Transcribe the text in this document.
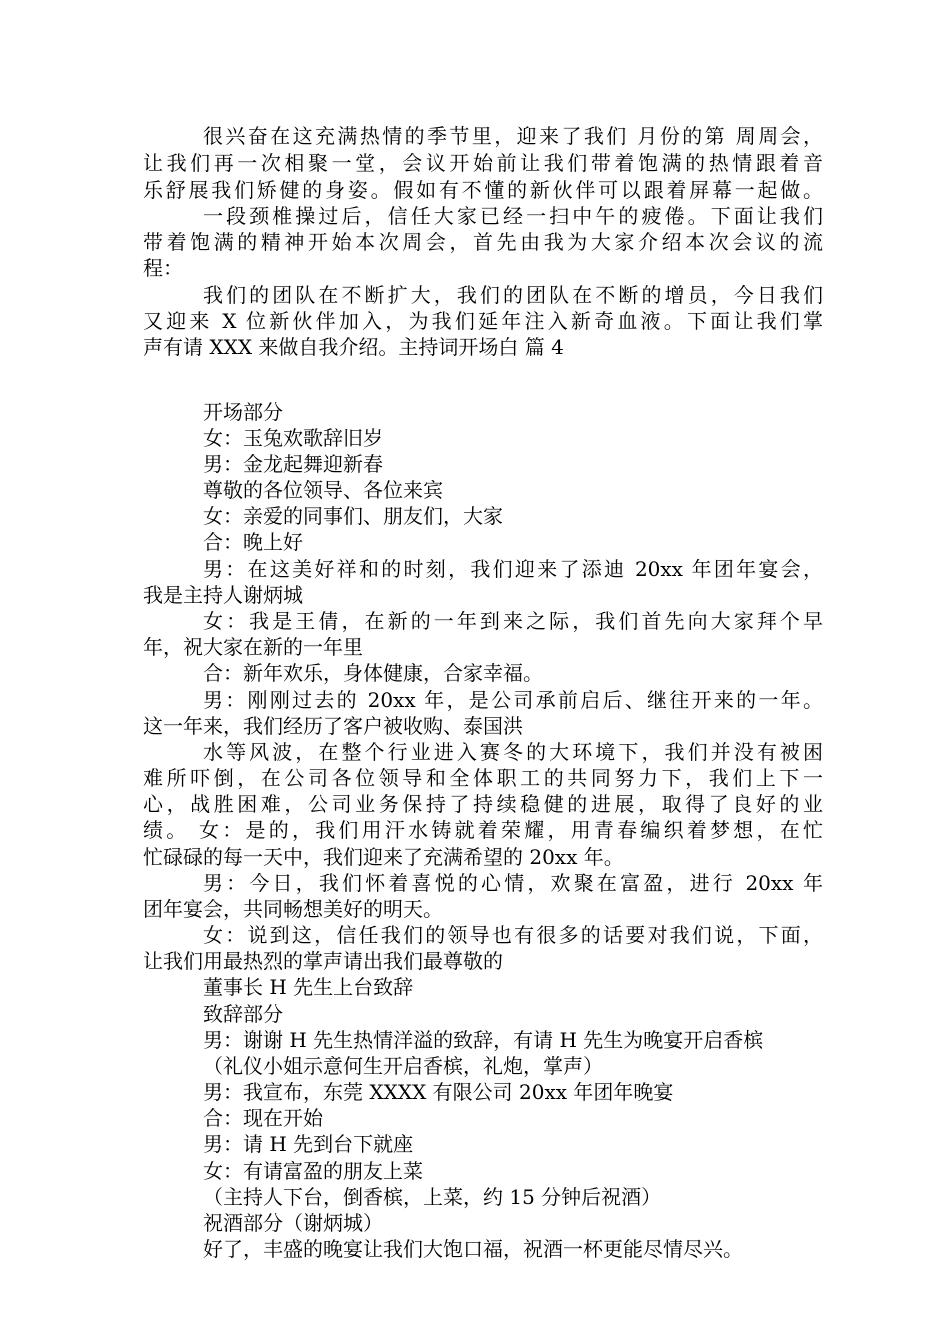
很兴奋在这充满热情的季节里，迎来了我们 月份的第 周周会，
让我们再一次相聚一堂，会议开始前让我们带着饱满的热情跟着音
乐舒展我们矫健的身姿。假如有不懂的新伙伴可以跟着屏幕一起做。
一段颈椎操过后，信任大家已经一扫中午的疲倦。下面让我们
带着饱满的精神开始本次周会，首先由我为大家介绍本次会议的流
程：
我们的团队在不断扩大，我们的团队在不断的增员，今日我们
又迎来 X 位新伙伴加入，为我们延年注入新奇血液。下面让我们掌
声有请 XXX 来做自我介绍。主持词开场白 篇 4
开场部分
女：玉兔欢歌辞旧岁
男：金龙起舞迎新春
尊敬的各位领导、各位来宾
女：亲爱的同事们、朋友们，大家
合：晚上好
男：在这美好祥和的时刻，我们迎来了添迪 20xx 年团年宴会，
我是主持人谢炳城
女：我是王倩，在新的一年到来之际，我们首先向大家拜个早
年，祝大家在新的一年里
合：新年欢乐，身体健康，合家幸福。
男：刚刚过去的 20xx 年，是公司承前启后、继往开来的一年。
这一年来，我们经历了客户被收购、泰国洪
水等风波，在整个行业进入赛冬的大环境下，我们并没有被困
难所吓倒，在公司各位领导和全体职工的共同努力下，我们上下一
心，战胜困难，公司业务保持了持续稳健的进展，取得了良好的业
绩。 女：是的，我们用汗水铸就着荣耀，用青春编织着梦想，在忙
忙碌碌的每一天中，我们迎来了充满希望的 20xx 年。
男：今日，我们怀着喜悦的心情，欢聚在富盈，进行 20xx 年
团年宴会，共同畅想美好的明天。
女：说到这，信任我们的领导也有很多的话要对我们说，下面，
让我们用最热烈的掌声请出我们最尊敬的
董事长 H 先生上台致辞
致辞部分
男：谢谢 H 先生热情洋溢的致辞，有请 H 先生为晚宴开启香槟
（礼仪小姐示意何生开启香槟，礼炮，掌声）
男：我宣布，东莞 XXXX 有限公司 20xx 年团年晚宴
合：现在开始
男：请 H 先到台下就座
女：有请富盈的朋友上菜
（主持人下台，倒香槟，上菜，约 15 分钟后祝酒）
祝酒部分（谢炳城）
好了，丰盛的晚宴让我们大饱口福，祝酒一杯更能尽情尽兴。
